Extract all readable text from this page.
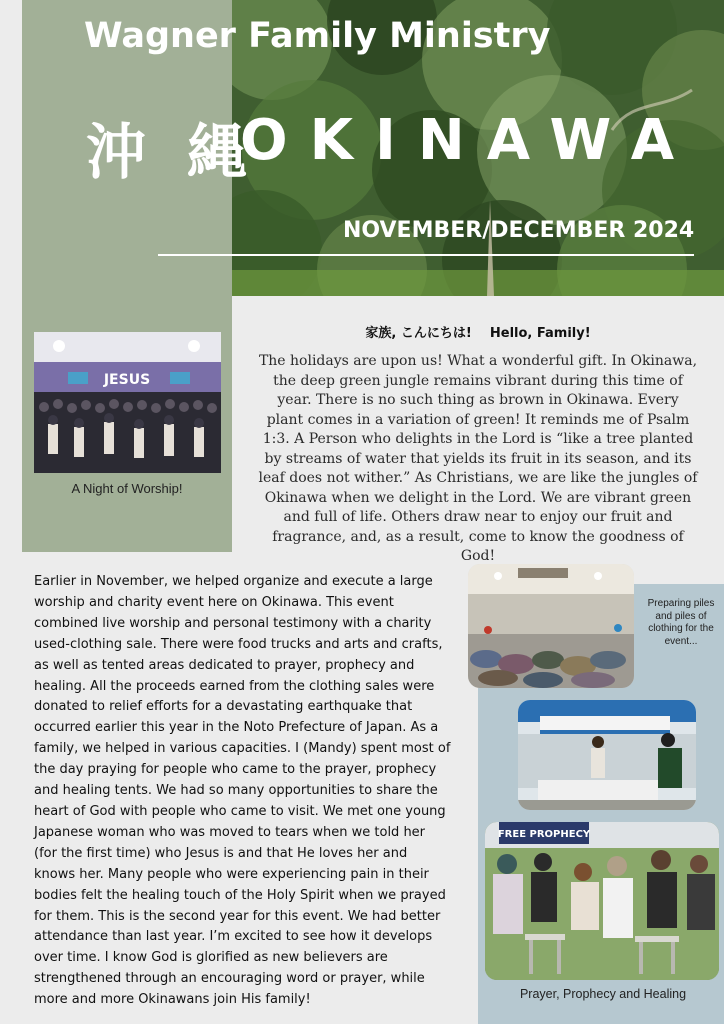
Wagner Family Ministry
沖 縄
OKINAWA
NOVEMBER/DECEMBER 2024
JESUS
A Night of Worship!
家族, こんにちは! Hello, Family!
The holidays are upon us! What a wonderful gift. In Okinawa, the deep green jungle remains vibrant during this time of year. There is no such thing as brown in Okinawa. Every plant comes in a variation of green! It reminds me of Psalm 1:3. A Person who delights in the Lord is “like a tree planted by streams of water that yields its fruit in its season, and its leaf does not wither.” As Christians, we are like the jungles of Okinawa when we delight in the Lord. We are vibrant green and full of life. Others draw near to enjoy our fruit and fragrance, and, as a result, come to know the goodness of God!
Earlier in November, we helped organize and execute a large worship and charity event here on Okinawa. This event combined live worship and personal testimony with a charity used-clothing sale. There were food trucks and arts and crafts, as well as tented areas dedicated to prayer, prophecy and healing. All the proceeds earned from the clothing sales were donated to relief efforts for a devastating earthquake that occurred earlier this year in the Noto Prefecture of Japan. As a family, we helped in various capacities. I (Mandy) spent most of the day praying for people who came to the prayer, prophecy and healing tents. We had so many opportunities to share the heart of God with people who came to visit. We met one young Japanese woman who was moved to tears when we told her (for the first time) who Jesus is and that He loves her and knows her. Many people who were experiencing pain in their bodies felt the healing touch of the Holy Spirit when we prayed for them. This is the second year for this event. We had better attendance than last year. I’m excited to see how it develops over time. I know God is glorified as new believers are strengthened through an encouraging word or prayer, while more and more Okinawans join His family!
Preparing piles and piles of clothing for the event...
FREE PROPHECY
Prayer, Prophecy and Healing
